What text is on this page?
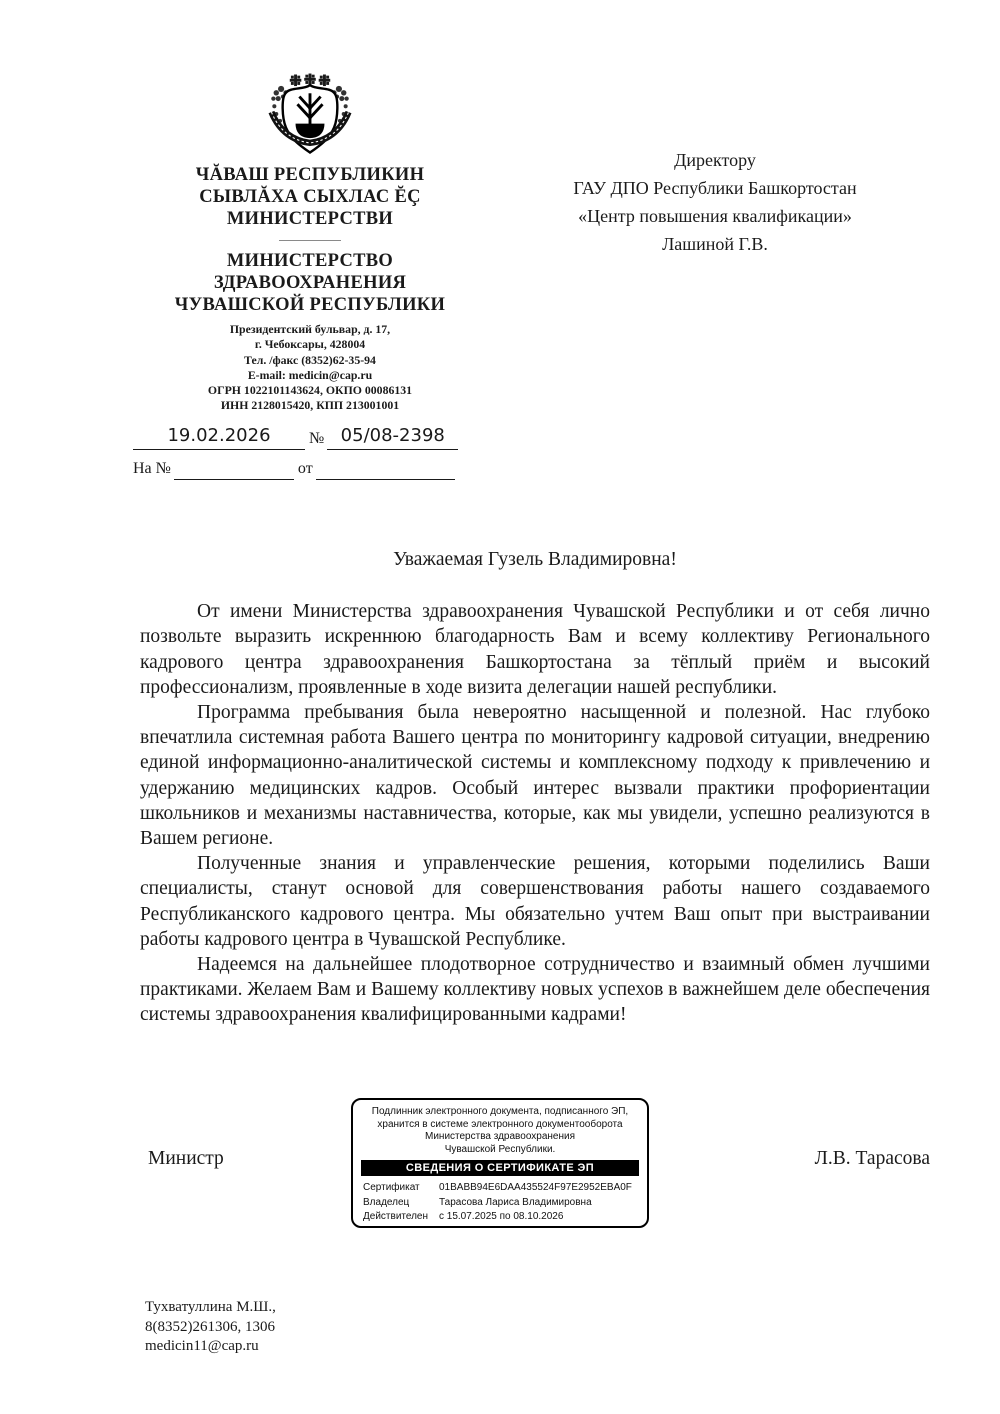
ЧĂВАШ РЕСПУБЛИКИН
СЫВЛĂХА СЫХЛАС ĔÇ
МИНИСТЕРСТВИ
МИНИСТЕРСТВО
ЗДРАВООХРАНЕНИЯ
ЧУВАШСКОЙ РЕСПУБЛИКИ
Президентский бульвар, д. 17,
г. Чебоксары, 428004
Тел. /факс (8352)62-35-94
E-mail: medicin@cap.ru
ОГРН 1022101143624, ОКПО 00086131
ИНН 2128015420, КПП 213001001
19.02.2026	№ 05/08-2398
На №	от
Директору
ГАУ ДПО Республики Башкортостан
«Центр повышения квалификации»
Лашиной Г.В.
Уважаемая Гузель Владимировна!

От имени Министерства здравоохранения Чувашской Республики и от себя лично позвольте выразить искреннюю благодарность Вам и всему коллективу Регионального кадрового центра здравоохранения Башкортостана за тёплый приём и высокий профессионализм, проявленные в ходе визита делегации нашей республики.

Программа пребывания была невероятно насыщенной и полезной. Нас глубоко впечатлила системная работа Вашего центра по мониторингу кадровой ситуации, внедрению единой информационно-аналитической системы и комплексному подходу к привлечению и удержанию медицинских кадров. Особый интерес вызвали практики профориентации школьников и механизмы наставничества, которые, как мы увидели, успешно реализуются в Вашем регионе.

Полученные знания и управленческие решения, которыми поделились Ваши специалисты, станут основой для совершенствования работы нашего создаваемого Республиканского кадрового центра. Мы обязательно учтем Ваш опыт при выстраивании работы кадрового центра в Чувашской Республике.

Надеемся на дальнейшее плодотворное сотрудничество и взаимный обмен лучшими практиками. Желаем Вам и Вашему коллективу новых успехов в важнейшем деле обеспечения системы здравоохранения квалифицированными кадрами!

Министр	Л.В. Тарасова
Подлинник электронного документа, подписанного ЭП,
хранится в системе электронного документооборота
Министерства здравоохранения
Чувашской Республики.
СВЕДЕНИЯ О СЕРТИФИКАТЕ ЭП
Сертификат	01BABB94E6DAA435524F97E2952EBA0F
Владелец	Тарасова Лариса Владимировна
Действителен	с 15.07.2025 по 08.10.2026
Тухватуллина М.Ш.,
8(8352)261306, 1306
medicin11@cap.ru
